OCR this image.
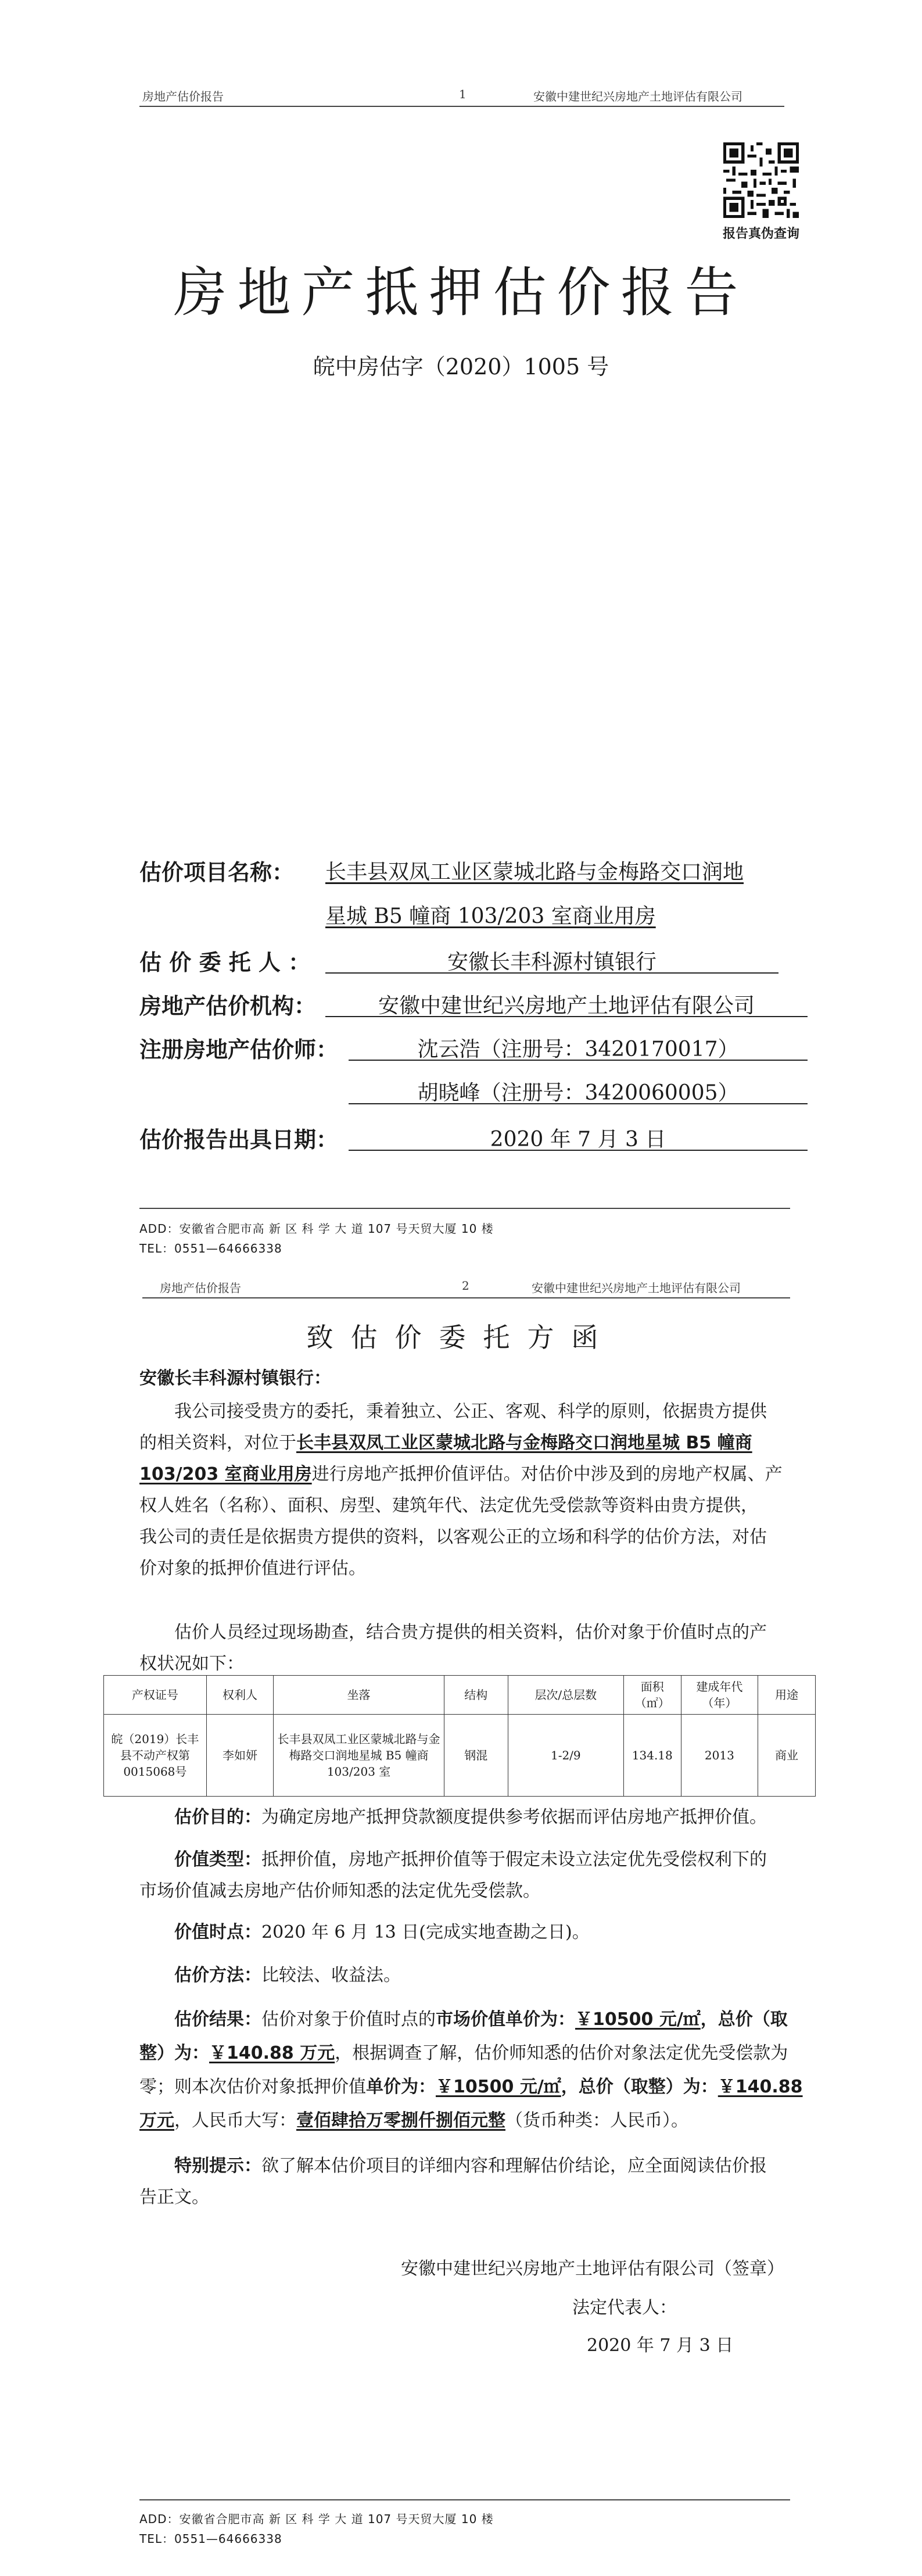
房地产估价报告	1	安徽中建世纪兴房地产土地评估有限公司
报告真伪查询
房地产抵押估价报告
皖中房估字（2020）1005 号
估价项目名称： 长丰县双凤工业区蒙城北路与金梅路交口润地
星城 B5 幢商 103/203 室商业用房
估 价 委 托 人 ：	安徽长丰科源村镇银行
房地产估价机构：	安徽中建世纪兴房地产土地评估有限公司
注册房地产估价师：	沈云浩（注册号：3420170017）
胡晓峰（注册号：3420060005）
估价报告出具日期：	2020 年 7 月 3 日
ADD：安徽省合肥市高 新 区 科 学 大 道 107 号天贸大厦 10 楼
TEL：0551—64666338
房地产估价报告	2	安徽中建世纪兴房地产土地评估有限公司
致估价委托方函
安徽长丰科源村镇银行：
我公司接受贵方的委托，秉着独立、公正、客观、科学的原则，依据贵方提供
的相关资料，对位于长丰县双凤工业区蒙城北路与金梅路交口润地星城 B5 幢商
103/203 室商业用房进行房地产抵押价值评估。对估价中涉及到的房地产权属、产
权人姓名（名称）、面积、房型、建筑年代、法定优先受偿款等资料由贵方提供，
我公司的责任是依据贵方提供的资料，以客观公正的立场和科学的估价方法，对估
价对象的抵押价值进行评估。
估价人员经过现场勘查，结合贵方提供的相关资料，估价对象于价值时点的产
权状况如下：
产权证号	权利人	坐落	结构	层次/总层数	面积（㎡）	建成年代（年）	用途
皖（2019）长丰县不动产权第0015068号	李如妍	长丰县双凤工业区蒙城北路与金梅路交口润地星城 B5 幢商103/203 室	钢混	1-2/9	134.18	2013	商业
估价目的：为确定房地产抵押贷款额度提供参考依据而评估房地产抵押价值。
价值类型：抵押价值，房地产抵押价值等于假定未设立法定优先受偿权利下的
市场价值减去房地产估价师知悉的法定优先受偿款。
价值时点：2020 年 6 月 13 日(完成实地查勘之日)。
估价方法：比较法、收益法。
估价结果：估价对象于价值时点的市场价值单价为：￥10500 元/㎡，总价（取
整）为：￥140.88 万元，根据调查了解，估价师知悉的估价对象法定优先受偿款为
零；则本次估价对象抵押价值单价为：￥10500 元/㎡，总价（取整）为：￥140.88
万元，人民币大写：壹佰肆拾万零捌仟捌佰元整（货币种类：人民币）。
特别提示：欲了解本估价项目的详细内容和理解估价结论，应全面阅读估价报
告正文。
安徽中建世纪兴房地产土地评估有限公司（签章）
法定代表人：
2020 年 7 月 3 日
ADD：安徽省合肥市高 新 区 科 学 大 道 107 号天贸大厦 10 楼
TEL：0551—64666338
